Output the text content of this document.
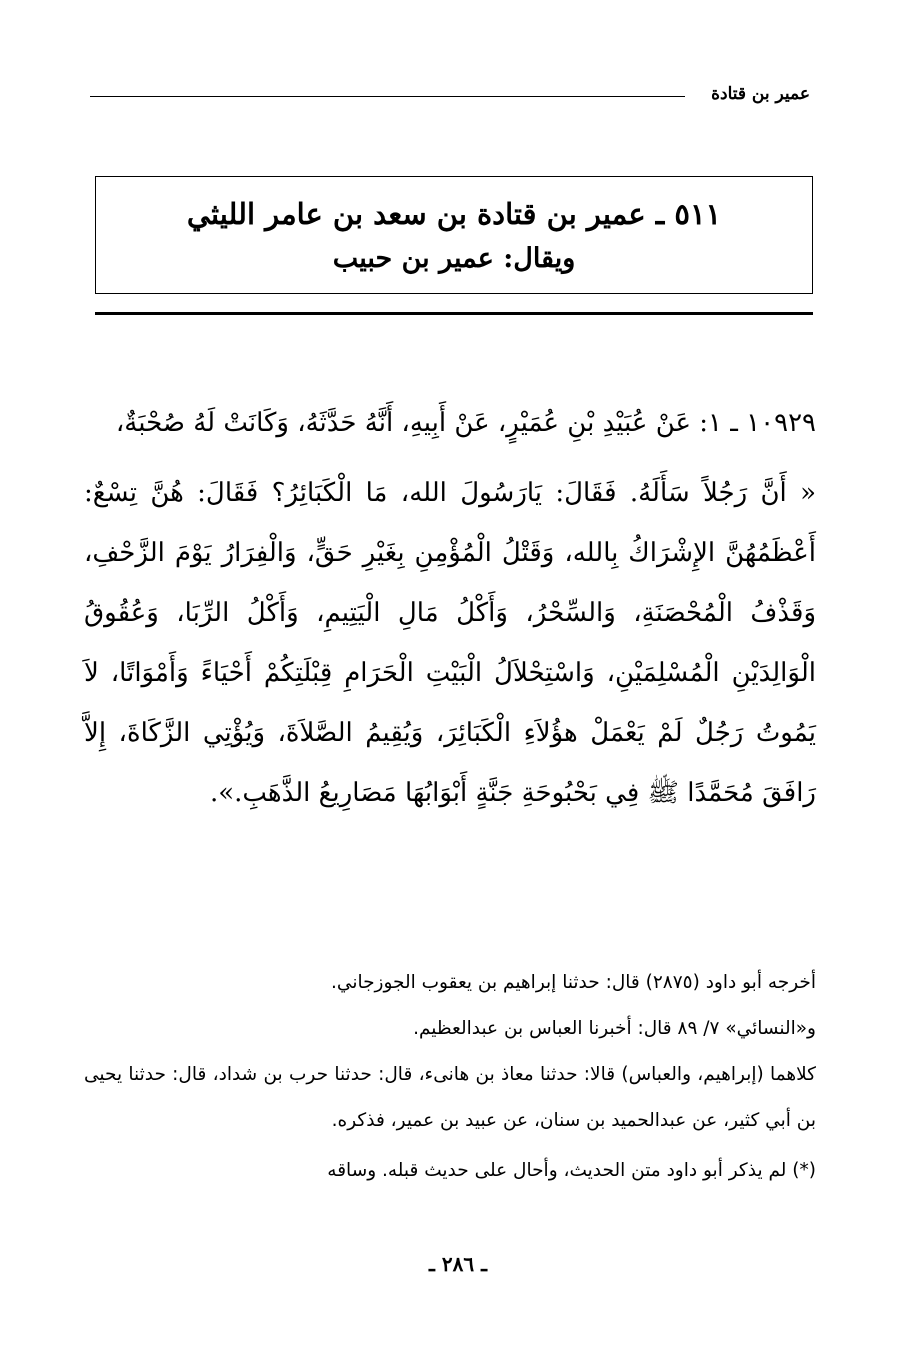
عمير بن قتادة
٥١١ ـ عمير بن قتادة بن سعد بن عامر الليثي
ويقال: عمير بن حبيب

١٠٩٢٩ ـ ١: عَنْ عُبَيْدِ بْنِ عُمَيْرٍ، عَنْ أَبِيهِ، أَنَّهُ حَدَّثَهُ، وَكَانَتْ لَهُ صُحْبَةٌ،

« أَنَّ رَجُلاً سَأَلَهُ. فَقَالَ: يَارَسُولَ الله، مَا الْكَبَائِرُ؟ فَقَالَ: هُنَّ تِسْعٌ: أَعْظَمُهُنَّ الإِشْرَاكُ بِالله، وَقَتْلُ الْمُؤْمِنِ بِغَيْرِ حَقٍّ، وَالْفِرَارُ يَوْمَ الزَّحْفِ، وَقَذْفُ الْمُحْصَنَةِ، وَالسِّحْرُ، وَأَكْلُ مَالِ الْيَتِيمِ، وَأَكْلُ الرِّبَا، وَعُقُوقُ الْوَالِدَيْنِ الْمُسْلِمَيْنِ، وَاسْتِحْلاَلُ الْبَيْتِ الْحَرَامِ قِبْلَتِكُمْ أَحْيَاءً وَأَمْوَاتًا، لاَ يَمُوتُ رَجُلٌ لَمْ يَعْمَلْ هؤُلاَءِ الْكَبَائِرَ، وَيُقِيمُ الصَّلاَةَ، وَيُؤْتِي الزَّكَاةَ، إِلاَّ رَافَقَ مُحَمَّدًا ﷺ فِي بَحْبُوحَةِ جَنَّةٍ أَبْوَابُهَا مَصَارِيعُ الذَّهَبِ.».

أخرجه أبو داود (٢٨٧٥) قال: حدثنا إبراهيم بن يعقوب الجوزجاني.

و«النسائي» ٧/ ٨٩ قال: أخبرنا العباس بن عبدالعظيم.

كلاهما (إبراهيم، والعباس) قالا: حدثنا معاذ بن هانىء، قال: حدثنا حرب بن شداد، قال: حدثنا يحيى بن أبي كثير، عن عبدالحميد بن سنان، عن عبيد بن عمير، فذكره.

(*) لم يذكر أبو داود متن الحديث، وأحال على حديث قبله. وساقه

ـ ٢٨٦ ـ
